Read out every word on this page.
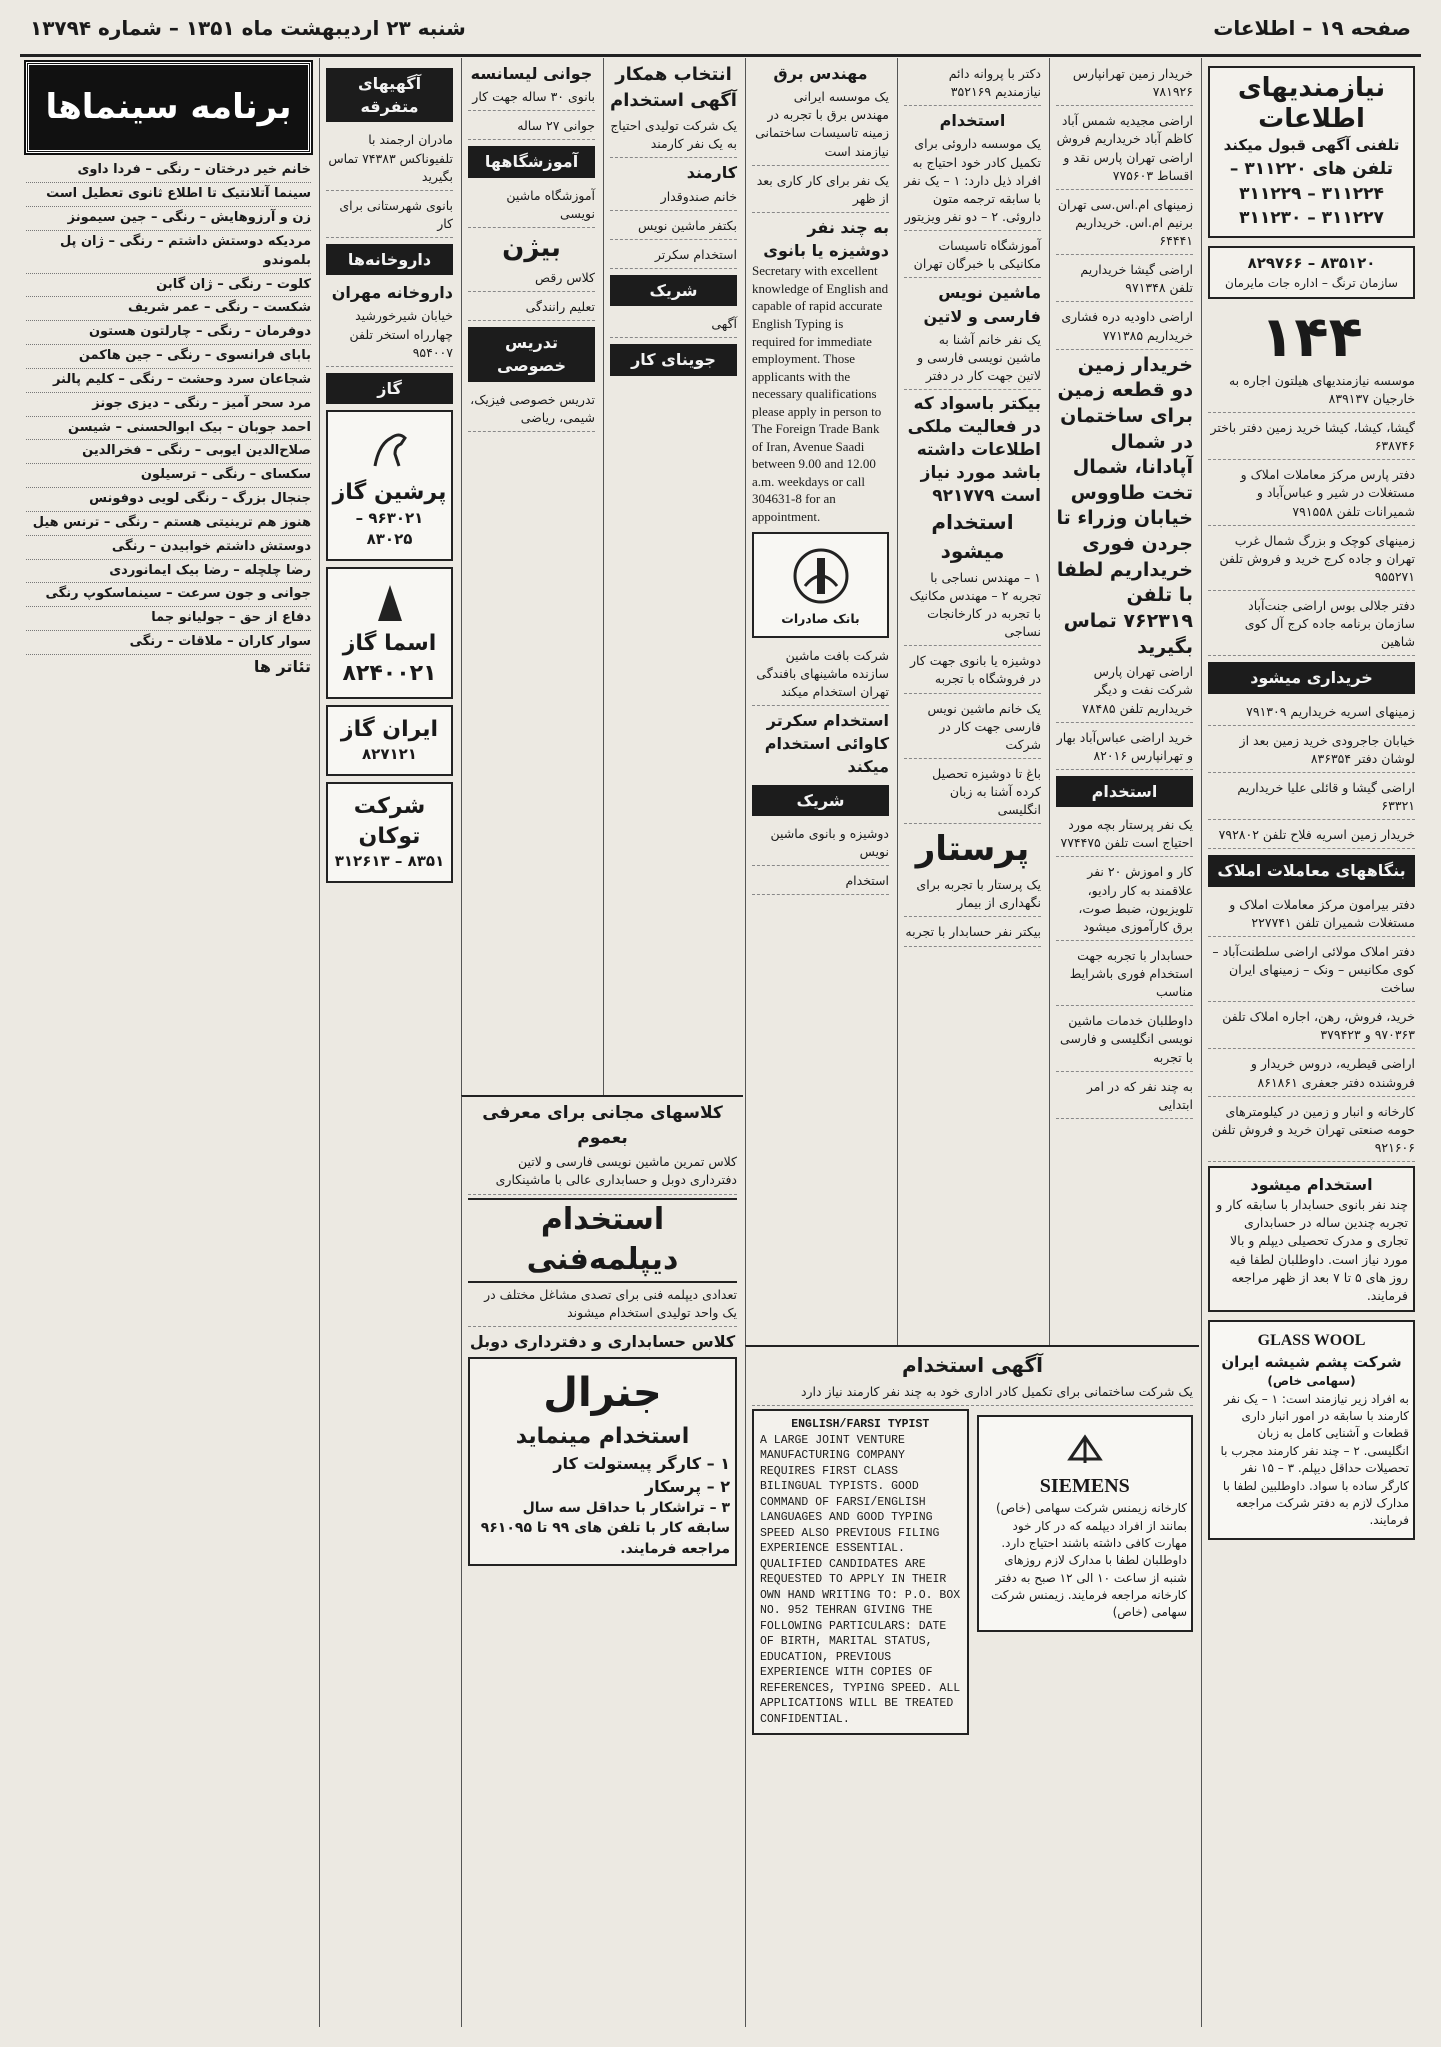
صفحه ۱۹ – اطلاعات
شنبه ۲۳ اردیبهشت ماه ۱۳۵۱ – شماره ۱۳۷۹۴
نیازمندیهای اطلاعات
تلفنی آگهی قبول میکند
تلفن های ۳۱۱۲۲۰ – ۳۱۱۲۲۴ – ۳۱۱۲۲۹
۳۱۱۲۲۷ – ۳۱۱۲۳۰
۸۳۵۱۲۰ – ۸۲۹۷۶۶
سازمان ترنگ – اداره جات مایرمان
۱۴۴
موسسه نیازمندیهای هیلتون اجاره به خارجیان ۸۳۹۱۳۷
گیشا، کیشا، کیشا خرید زمین دفتر باختر ۶۳۸۷۴۶
دفتر پارس مرکز معاملات املاک و مستغلات در شیر و عباس‌آباد و شمیرانات تلفن ۷۹۱۵۵۸
زمینهای کوچک و بزرگ شمال غرب تهران و جاده کرج خرید و فروش تلفن ۹۵۵۲۷۱
دفتر جلالی بوس اراضی جنت‌آباد سازمان برنامه جاده کرج آل کوی شاهین
خریداری میشود
زمینهای اسریه خریداریم ۷۹۱۳۰۹
خیابان جاجرودی خرید زمین بعد از لوشان دفتر ۸۳۶۳۵۴
اراضی گیشا و قائلی علیا خریداریم ۶۳۳۲۱
خریدار زمین اسریه فلاح تلفن ۷۹۲۸۰۲
بنگاههای معاملات املاک
دفتر بیرامون مرکز معاملات املاک و مستغلات شمیران تلفن ۲۲۷۷۴۱
دفتر املاک مولائی اراضی سلطنت‌آباد – کوی مکانیس – ونک – زمینهای ایران ساخت
خرید، فروش، رهن، اجاره املاک تلفن ۹۷۰۳۶۳ و ۳۷۹۴۲۳
اراضی قیطریه، دروس خریدار و فروشنده دفتر جعفری ۸۶۱۸۶۱
کارخانه و انبار و زمین در کیلومترهای حومه صنعتی تهران خرید و فروش تلفن ۹۲۱۶۰۶
استخدام میشود
چند نفر بانوی حسابدار با سابقه کار و تجربه چندین ساله در حسابداری تجاری و مدرک تحصیلی دیپلم و بالا مورد نیاز است. داوطلبان لطفا فیه روز های ۵ تا ۷ بعد از ظهر مراجعه فرمایند.
GLASS WOOL
شرکت پشم شیشه ایران
(سهامی خاص)
به افراد زیر نیازمند است: ۱ – یک نفر کارمند با سابقه در امور انبار داری قطعات و آشنایی کامل به زبان انگلیسی. ۲ – چند نفر کارمند مجرب با تحصیلات حداقل دیپلم. ۳ – ۱۵ نفر کارگر ساده با سواد. داوطلبین لطفا با مدارک لازم به دفتر شرکت مراجعه فرمایند.
خریدار زمین تهرانپارس ۷۸۱۹۲۶
اراضی مجیدیه شمس آباد کاظم آباد خریداریم فروش اراضی تهران پارس نقد و اقساط ۷۷۵۶۰۳
زمینهای ام.اس.سی تهران برنیم ام.اس. خریداریم ۶۴۴۴۱
اراضی گیشا خریداریم تلفن ۹۷۱۳۴۸
اراضی داودیه دره فشاری خریداریم ۷۷۱۳۸۵
خریدار زمین دو قطعه زمین برای ساختمان در شمال آپادانا، شمال تخت طاووس خیابان وزراء تا جردن فوری خریداریم لطفا با تلفن ۷۶۲۳۱۹ تماس بگیرید
اراضی تهران پارس شرکت نفت و دیگر خریداریم تلفن ۷۸۴۸۵
خرید اراضی عباس‌آباد بهار و تهرانپارس ۸۲۰۱۶
استخدام
یک نفر پرستار بچه مورد احتیاج است تلفن ۷۷۴۴۷۵
کار و اموزش ۲۰ نفر علاقمند به کار رادیو، تلویزیون، ضبط صوت، برق کارآموزی میشود
حسابدار با تجربه جهت استخدام فوری باشرایط مناسب
داوطلبان خدمات ماشین نویسی انگلیسی و فارسی با تجربه
به چند نفر که در امر ابتدایی
دکتر با پروانه دائم نیازمندیم ۳۵۲۱۶۹
استخدام
یک موسسه داروئی برای تکمیل کادر خود احتیاج به افراد ذیل دارد: ۱ – یک نفر با سابقه ترجمه متون داروئی. ۲ – دو نفر ویزیتور
آموزشگاه تاسیسات مکانیکی با خبرگان تهران
ماشین نویس فارسی و لاتین
یک نفر خانم آشنا به ماشین نویسی فارسی و لاتین جهت کار در دفتر
بیکتر باسواد که در فعالیت ملکی اطلاعات داشته باشد مورد نیاز است ۹۲۱۷۷۹
استخدام میشود
۱ – مهندس نساجی با تجربه ۲ – مهندس مکانیک با تجربه در کارخانجات نساجی
دوشیزه یا بانوی جهت کار در فروشگاه با تجربه
یک خانم ماشین نویس فارسی جهت کار در شرکت
باغ تا دوشیزه تحصیل کرده آشنا به زبان انگلیسی
پرستار
یک پرستار با تجربه برای نگهداری از بیمار
بیکتر نفر حسابدار با تجربه
مهندس برق
یک موسسه ایرانی مهندس برق با تجربه در زمینه تاسیسات ساختمانی نیازمند است
یک نفر برای کار کاری بعد از ظهر
به چند نفر دوشیزه یا بانوی
Secretary with excellent knowledge of English and capable of rapid accurate English Typing is required for immediate employment. Those applicants with the necessary qualifications please apply in person to The Foreign Trade Bank of Iran, Avenue Saadi between 9.00 and 12.00 a.m. weekdays or call 304631-8 for an appointment.
بانک صادرات
شرکت بافت ماشین سازنده ماشینهای بافندگی تهران استخدام میکند
استخدام سکرتر
کاوائی استخدام میکند
شریک
دوشیزه و بانوی ماشین نویس
استخدام
انتخاب همکار
آگهی استخدام
یک شرکت تولیدی احتیاج به یک نفر کارمند
کارمند
خانم صندوقدار
بکتفر ماشین نویس
استخدام سکرتر
شریک
آگهی
جوینای کار
جوانی لیسانسه
بانوی ۳۰ ساله جهت کار
جوانی ۲۷ ساله
آموزشگاهها
آموزشگاه ماشین نویسی
بیژن
کلاس رقص
تعلیم رانندگی
تدریس خصوصی
تدریس خصوصی فیزیک، شیمی، ریاضی
کلاسهای مجانی برای معرفی بعموم
کلاس تمرین ماشین نویسی فارسی و لاتین دفترداری دوبل و حسابداری عالی با ماشینکاری
استخدام دیپلمه‌فنی
تعدادی دیپلمه فنی برای تصدی مشاغل مختلف در یک واحد تولیدی استخدام میشوند
کلاس حسابداری و دفترداری دوبل
جنرال
استخدام مینماید
۱ – کارگر پیستولت کار
۲ – پرسکار
۳ – تراشکار با حداقل سه سال سابقه کار با تلفن های ۹۹ تا ۹۶۱۰۹۵ مراجعه فرمایند.
آگهی استخدام
یک شرکت ساختمانی برای تکمیل کادر اداری خود به چند نفر کارمند نیاز دارد
ENGLISH/FARSI TYPIST
A LARGE JOINT VENTURE MANUFACTURING COMPANY REQUIRES FIRST CLASS BILINGUAL TYPISTS. GOOD COMMAND OF FARSI/ENGLISH LANGUAGES AND GOOD TYPING SPEED ALSO PREVIOUS FILING EXPERIENCE ESSENTIAL. QUALIFIED CANDIDATES ARE REQUESTED TO APPLY IN THEIR OWN HAND WRITING TO: P.O. BOX NO. 952 TEHRAN GIVING THE FOLLOWING PARTICULARS: DATE OF BIRTH, MARITAL STATUS, EDUCATION, PREVIOUS EXPERIENCE WITH COPIES OF REFERENCES, TYPING SPEED. ALL APPLICATIONS WILL BE TREATED CONFIDENTIAL.
SIEMENS
کارخانه زیمنس شرکت سهامی (خاص) بمانند از افراد دیپلمه که در کار خود مهارت کافی داشته باشند احتیاج دارد. داوطلبان لطفا با مدارک لازم روزهای شنبه از ساعت ۱۰ الی ۱۲ صبح به دفتر کارخانه مراجعه فرمایند. زیمنس شرکت سهامی (خاص)
آگهیهای متفرقه
مادران ارجمند با تلفیوناکس ۷۴۳۸۳ تماس بگیرید
بانوی شهرستانی برای کار
داروخانه‌ها
داروخانه مهران
خیابان شیرخورشید چهارراه استخر تلفن ۹۵۴۰۰۷
گاز
پرشین گاز
۹۶۳۰۲۱ – ۸۳۰۲۵
اسما گاز
۸۲۴۰۰۲۱
ایران گاز
۸۲۷۱۲۱
شرکت توکان
۸۳۵۱ – ۳۱۲۶۱۳
برنامه سینماها
خانم خیر درختان – رنگی – فردا داوی
سینما آتلانتیک تا اطلاع ثانوی تعطیل است
زن و آرزوهایش – رنگی – جین سیمونز
مردیکه دوستش داشتم – رنگی – ژان پل بلموندو
کلوت – رنگی – ژان گابن
شکست – رنگی – عمر شریف
دوفرمان – رنگی – چارلتون هستون
بابای فرانسوی – رنگی – جین هاکمن
شجاعان سرد وحشت – رنگی – کلیم پالنر
مرد سحر آمیز – رنگی – دیزی جونز
احمد جوبان – بیک ابوالحسنی – شیسن
صلاح‌الدین ایوبی – رنگی – فخرالدین
سکسای – رنگی – ترسیلون
جنجال بزرگ – رنگی لویی دوفونس
هنوز هم ترینیتی هستم – رنگی – ترنس هیل
دوستش داشتم خوابیدن – رنگی
رضا چلچله – رضا بیک ایمانوردی
جوانی و جون سرعت – سینماسکوپ رنگی
دفاع از حق – جولیانو جما
سوار کاران – ملاقات – رنگی
تئاتر ها
